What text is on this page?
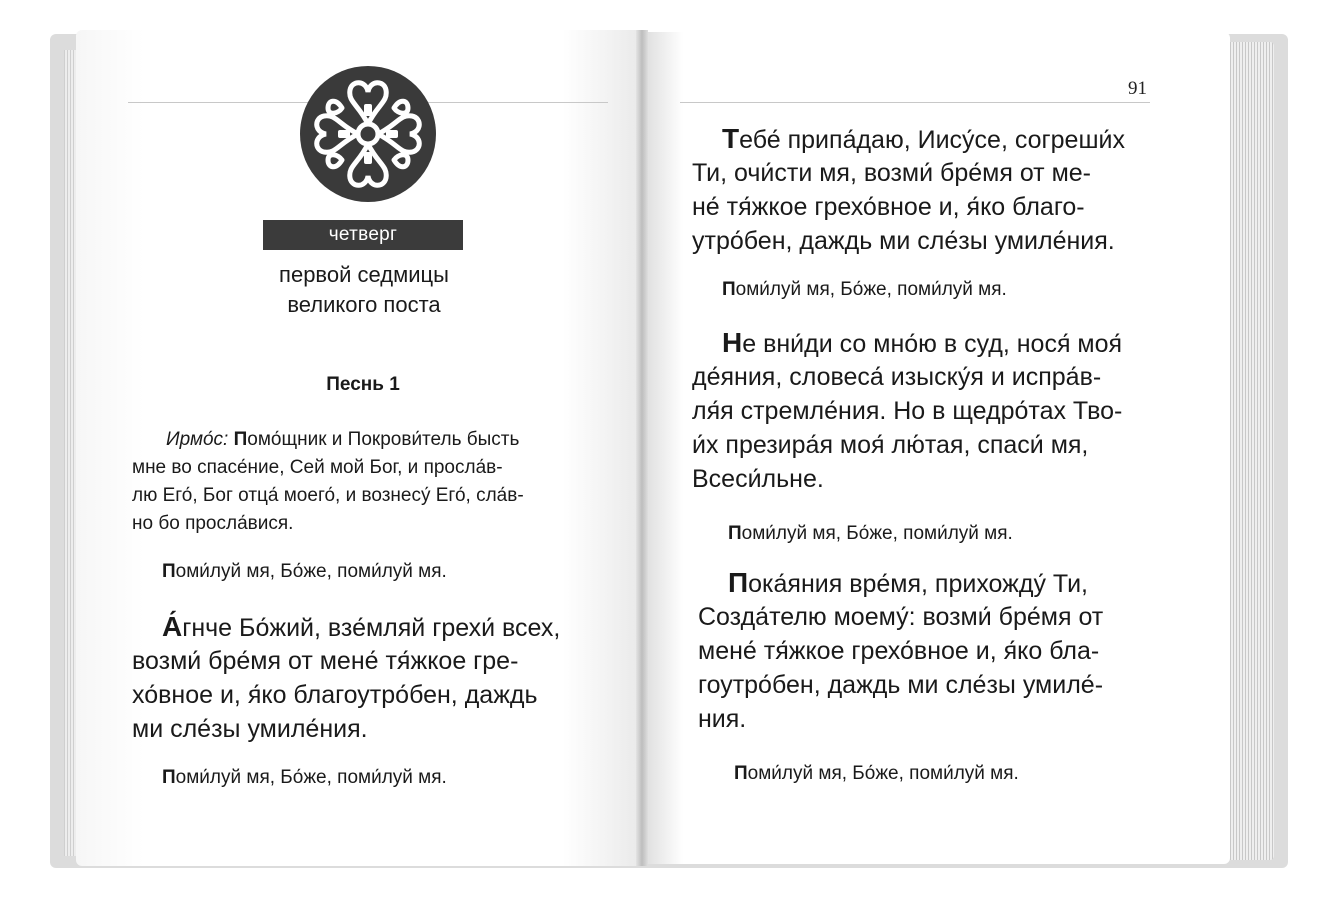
91
четверг
первой седмицы
великого поста
Песнь 1
Ирмо́с: Помо́щник и Покрови́тель бысть
мне во спасе́ние, Сей мой Бог, и просла́в-
лю Его́, Бог отца́ моего́, и вознесу́ Его́, сла́в-
но бо просла́вися.
Поми́луй мя, Бо́же, поми́луй мя.
А́гнче Бо́жий, взе́мляй грехи́ всех,
возми́ бре́мя от мене́ тя́жкое гре-
хо́вное и, я́ко благоутро́бен, даждь
ми сле́зы умиле́ния.
Поми́луй мя, Бо́же, поми́луй мя.
Тебе́ припа́даю, Иису́се, согреши́х
Ти, очи́сти мя, возми́ бре́мя от ме-
не́ тя́жкое грехо́вное и, я́ко благо-
утро́бен, даждь ми сле́зы умиле́ния.
Поми́луй мя, Бо́же, поми́луй мя.
Не вни́ди со мно́ю в суд, нося́ моя́
де́яния, словеса́ изыску́я и испра́в-
ля́я стремле́ния. Но в щедро́тах Тво-
и́х презира́я моя́ лю́тая, спаси́ мя,
Всеси́льне.
Поми́луй мя, Бо́же, поми́луй мя.
Пока́яния вре́мя, прихожду́ Ти,
Созда́телю моему́: возми́ бре́мя от
мене́ тя́жкое грехо́вное и, я́ко бла-
гоутро́бен, даждь ми сле́зы умиле́-
ния.
Поми́луй мя, Бо́же, поми́луй мя.
